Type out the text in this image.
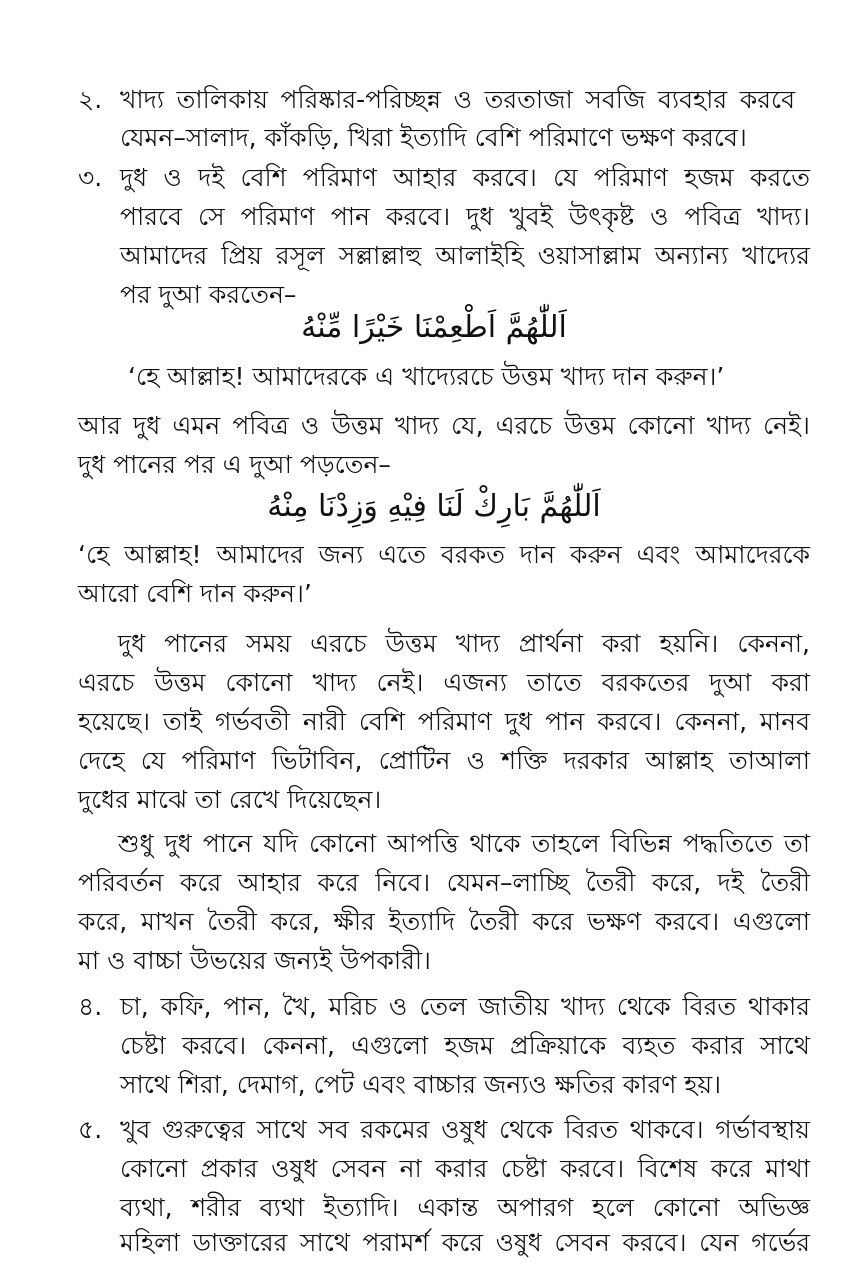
২. খাদ্য তালিকায় পরিষ্কার-পরিচ্ছন্ন ও তরতাজা সবজি ব্যবহার করবে
যেমন–সালাদ, কাঁকড়ি, খিরা ইত্যাদি বেশি পরিমাণে ভক্ষণ করবে।
৩. দুধ ও দই বেশি পরিমাণ আহার করবে। যে পরিমাণ হজম করতে
পারবে সে পরিমাণ পান করবে। দুধ খুবই উৎকৃষ্ট ও পবিত্র খাদ্য।
আমাদের প্রিয় রসূল সল্লাল্লাহু আলাইহি ওয়াসাল্লাম অন্যান্য খাদ্যের
পর দুআ করতেন–
اَللّٰهُمَّ اَطْعِمْنَا خَيْرًا مِّنْهُ
‘হে আল্লাহ! আমাদেরকে এ খাদ্যেরচে উত্তম খাদ্য দান করুন।’
আর দুধ এমন পবিত্র ও উত্তম খাদ্য যে, এরচে উত্তম কোনো খাদ্য নেই।
দুধ পানের পর এ দুআ পড়তেন–
اَللّٰهُمَّ بَارِكْ لَنَا فِيْهِ وَزِدْنَا مِنْهُ
‘হে আল্লাহ! আমাদের জন্য এতে বরকত দান করুন এবং আমাদেরকে
আরো বেশি দান করুন।’
দুধ পানের সময় এরচে উত্তম খাদ্য প্রার্থনা করা হয়নি। কেননা,
এরচে উত্তম কোনো খাদ্য নেই। এজন্য তাতে বরকতের দুআ করা
হয়েছে। তাই গর্ভবতী নারী বেশি পরিমাণ দুধ পান করবে। কেননা, মানব
দেহে যে পরিমাণ ভিটাবিন, প্রোটিন ও শক্তি দরকার আল্লাহ তাআলা
দুধের মাঝে তা রেখে দিয়েছেন।
শুধু দুধ পানে যদি কোনো আপত্তি থাকে তাহলে বিভিন্ন পদ্ধতিতে তা
পরিবর্তন করে আহার করে নিবে। যেমন–লাচ্ছি তৈরী করে, দই তৈরী
করে, মাখন তৈরী করে, ক্ষীর ইত্যাদি তৈরী করে ভক্ষণ করবে। এগুলো
মা ও বাচ্চা উভয়ের জন্যই উপকারী।
৪. চা, কফি, পান, খৈ, মরিচ ও তেল জাতীয় খাদ্য থেকে বিরত থাকার
চেষ্টা করবে। কেননা, এগুলো হজম প্রক্রিয়াকে ব্যহত করার সাথে
সাথে শিরা, দেমাগ, পেট এবং বাচ্চার জন্যও ক্ষতির কারণ হয়।
৫. খুব গুরুত্বের সাথে সব রকমের ওষুধ থেকে বিরত থাকবে। গর্ভাবস্থায়
কোনো প্রকার ওষুধ সেবন না করার চেষ্টা করবে। বিশেষ করে মাথা
ব্যথা, শরীর ব্যথা ইত্যাদি। একান্ত অপারগ হলে কোনো অভিজ্ঞ
মহিলা ডাক্তারের সাথে পরামর্শ করে ওষুধ সেবন করবে। যেন গর্ভের
